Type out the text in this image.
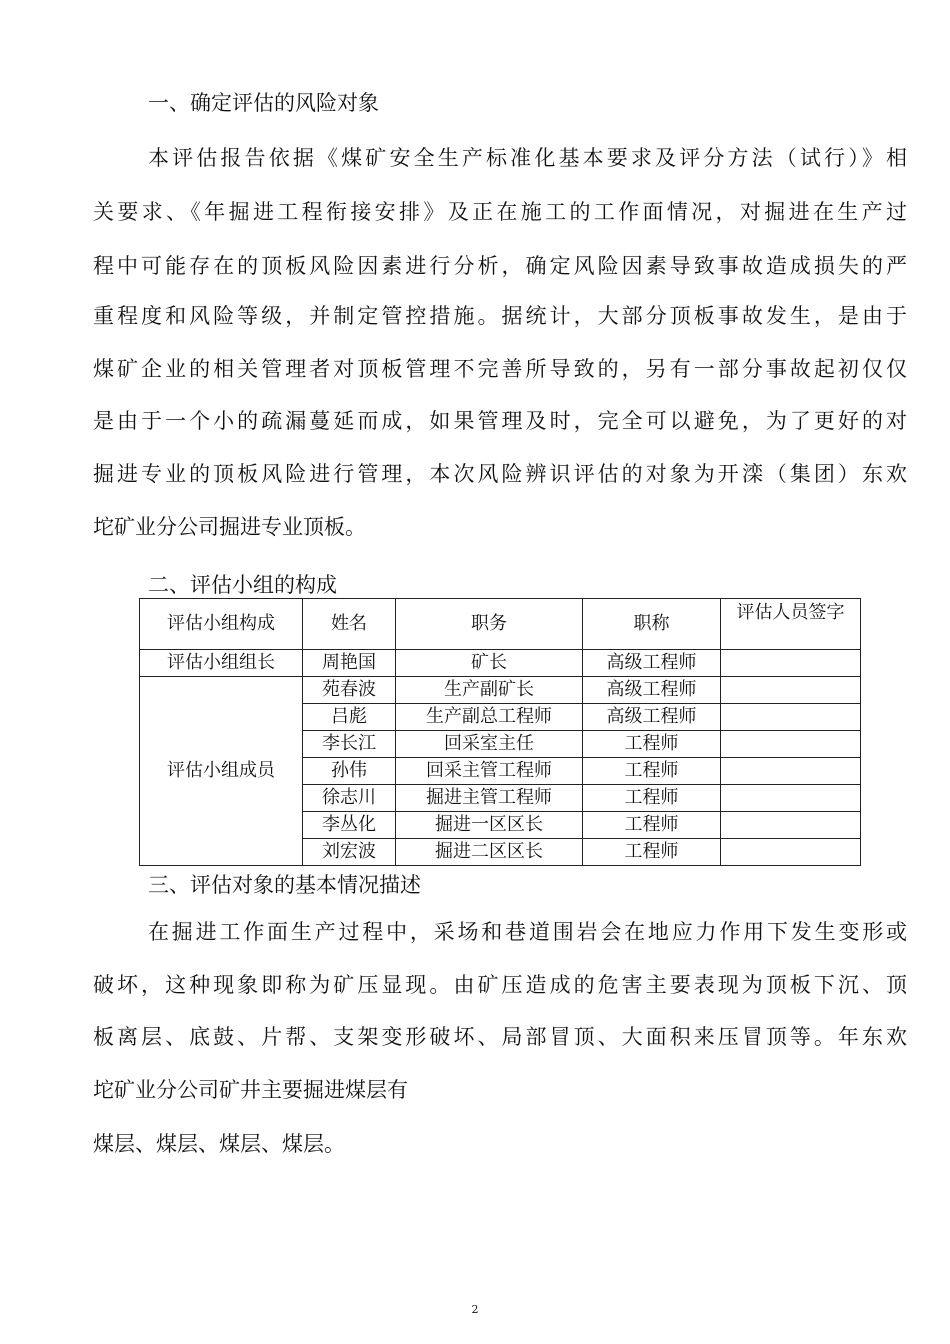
一、确定评估的风险对象
本评估报告依据《煤矿安全生产标准化基本要求及评分方法（试行）》相
关要求、《年掘进工程衔接安排》及正在施工的工作面情况，对掘进在生产过
程中可能存在的顶板风险因素进行分析，确定风险因素导致事故造成损失的严
重程度和风险等级，并制定管控措施。据统计，大部分顶板事故发生，是由于
煤矿企业的相关管理者对顶板管理不完善所导致的，另有一部分事故起初仅仅
是由于一个小的疏漏蔓延而成，如果管理及时，完全可以避免，为了更好的对
掘进专业的顶板风险进行管理，本次风险辨识评估的对象为开滦（集团）东欢
坨矿业分公司掘进专业顶板。
二、评估小组的构成
评估小组构成	姓名	职务	职称	评估人员签字
评估小组组长	周艳国	矿长	高级工程师	
评估小组成员	苑春波	生产副矿长	高级工程师	
	吕彪	生产副总工程师	高级工程师	
	李长江	回采室主任	工程师	
	孙伟	回采主管工程师	工程师	
	徐志川	掘进主管工程师	工程师	
	李丛化	掘进一区区长	工程师	
	刘宏波	掘进二区区长	工程师	
三、评估对象的基本情况描述
在掘进工作面生产过程中，采场和巷道围岩会在地应力作用下发生变形或
破坏，这种现象即称为矿压显现。由矿压造成的危害主要表现为顶板下沉、顶
板离层、底鼓、片帮、支架变形破坏、局部冒顶、大面积来压冒顶等。年东欢
坨矿业分公司矿井主要掘进煤层有
煤层、煤层、煤层、煤层。
2
